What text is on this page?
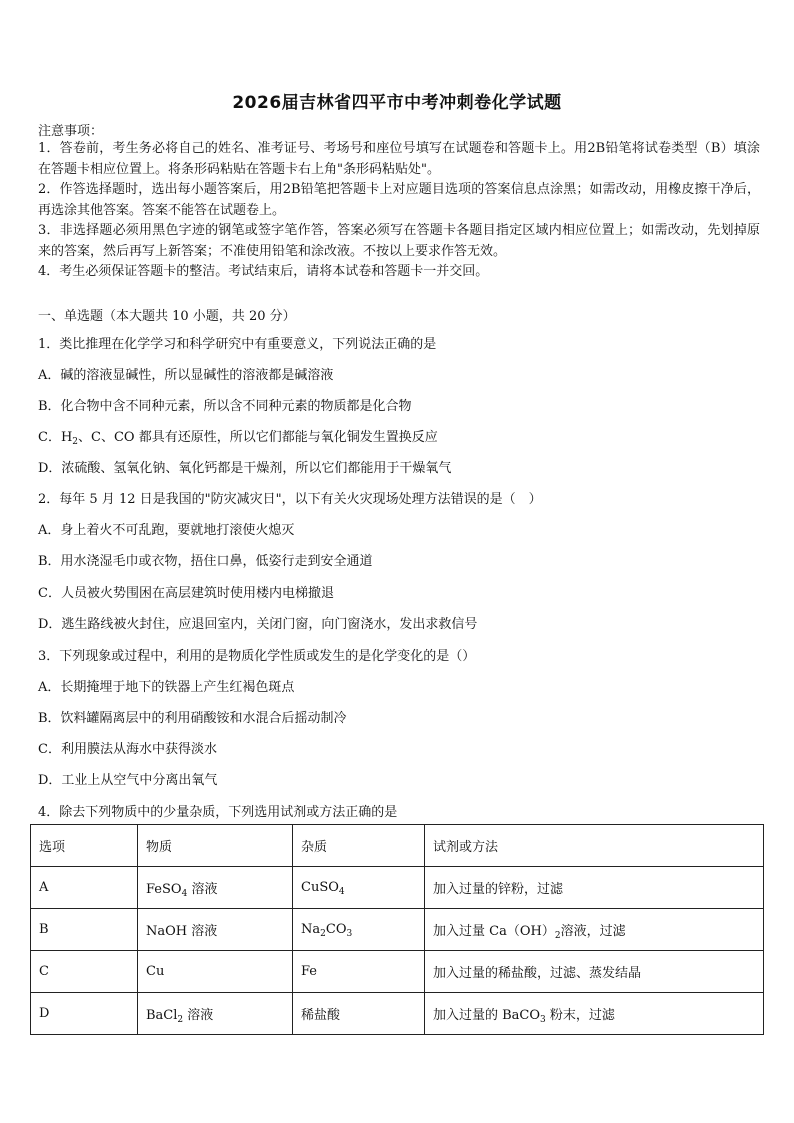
2026届吉林省四平市中考冲刺卷化学试题
注意事项：

1．答卷前，考生务必将自己的姓名、准考证号、考场号和座位号填写在试题卷和答题卡上。用2B铅笔将试卷类型（B）填涂在答题卡相应位置上。将条形码粘贴在答题卡右上角"条形码粘贴处"。

2．作答选择题时，选出每小题答案后，用2B铅笔把答题卡上对应题目选项的答案信息点涂黑；如需改动，用橡皮擦干净后，再选涂其他答案。答案不能答在试题卷上。

3．非选择题必须用黑色字迹的钢笔或签字笔作答，答案必须写在答题卡各题目指定区域内相应位置上；如需改动，先划掉原来的答案，然后再写上新答案；不准使用铅笔和涂改液。不按以上要求作答无效。

4．考生必须保证答题卡的整洁。考试结束后，请将本试卷和答题卡一并交回。

一、单选题（本大题共 10 小题，共 20 分）
1．类比推理在化学学习和科学研究中有重要意义，下列说法正确的是
A．碱的溶液显碱性，所以显碱性的溶液都是碱溶液
B．化合物中含不同种元素，所以含不同种元素的物质都是化合物
C．$H_2$、C、CO 都具有还原性，所以它们都能与氧化铜发生置换反应
D．浓硫酸、氢氧化钠、氧化钙都是干燥剂，所以它们都能用于干燥氧气
2．每年 5 月 12 日是我国的"防灾减灾日"，以下有关火灾现场处理方法错误的是（　）
A．身上着火不可乱跑，要就地打滚使火熄灭
B．用水浇湿毛巾或衣物，捂住口鼻，低姿行走到安全通道
C．人员被火势围困在高层建筑时使用楼内电梯撤退
D．逃生路线被火封住，应退回室内，关闭门窗，向门窗浇水，发出求救信号
3．下列现象或过程中，利用的是物质化学性质或发生的是化学变化的是（）
A．长期掩埋于地下的铁器上产生红褐色斑点
B．饮料罐隔离层中的利用硝酸铵和水混合后摇动制冷
C．利用膜法从海水中获得淡水
D．工业上从空气中分离出氧气
4．除去下列物质中的少量杂质，下列选用试剂或方法正确的是
选项	物质	杂质	试剂或方法
A	FeSO$_4$ 溶液	CuSO$_4$	加入过量的锌粉，过滤
B	NaOH 溶液	$Na_2CO_3$	加入过量 $Ca(OH)_2$溶液，过滤
C	Cu	Fe	加入过量的稀盐酸，过滤、蒸发结晶
D	BaCl$_2$ 溶液	稀盐酸	加入过量的 BaCO$_3$ 粉末，过滤
